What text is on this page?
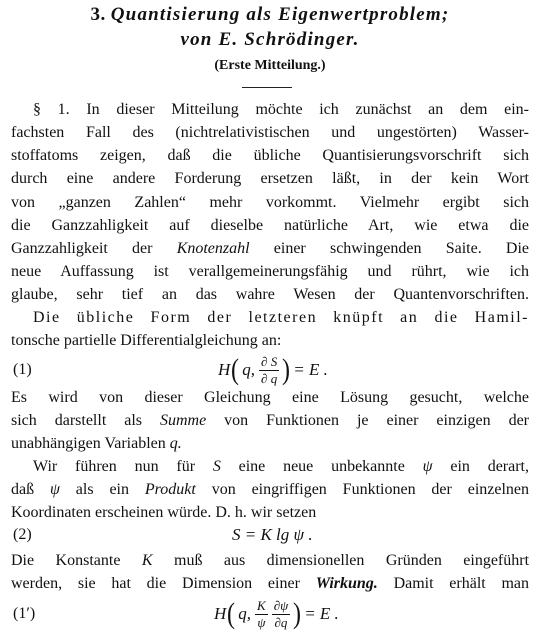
3. Quantisierung als Eigenwertproblem;
von E. Schrödinger.
(Erste Mitteilung.)
§ 1. In dieser Mitteilung möchte ich zunächst an dem ein-
fachsten Fall des (nichtrelativistischen und ungestörten) Wasser-
stoffatoms zeigen, daß die übliche Quantisierungsvorschrift sich
durch eine andere Forderung ersetzen läßt, in der kein Wort
von „ganzen Zahlen“ mehr vorkommt. Vielmehr ergibt sich
die Ganzzahligkeit auf dieselbe natürliche Art, wie etwa die
Ganzzahligkeit der Knotenzahl einer schwingenden Saite. Die
neue Auffassung ist verallgemeinerungsfähig und rührt, wie ich
glaube, sehr tief an das wahre Wesen der Quantenvorschriften.
Die übliche Form der letzteren knüpft an die Hamil-
tonsche partielle Differentialgleichung an:
(1)	H ( q, $\frac{\partial S}{\partial q}$ ) = E .
Es wird von dieser Gleichung eine Lösung gesucht, welche
sich darstellt als Summe von Funktionen je einer einzigen der
unabhängigen Variablen q.
Wir führen nun für S eine neue unbekannte ψ ein derart,
daß ψ als ein Produkt von eingriffigen Funktionen der einzelnen
Koordinaten erscheinen würde. D. h. wir setzen
(2)	S = K lg ψ .
Die Konstante K muß aus dimensionellen Gründen eingeführt
werden, sie hat die Dimension einer Wirkung. Damit erhält man
(1′)	H ( q, $\frac{K}{\psi} \frac{\partial\psi}{\partial q}$ ) = E .
